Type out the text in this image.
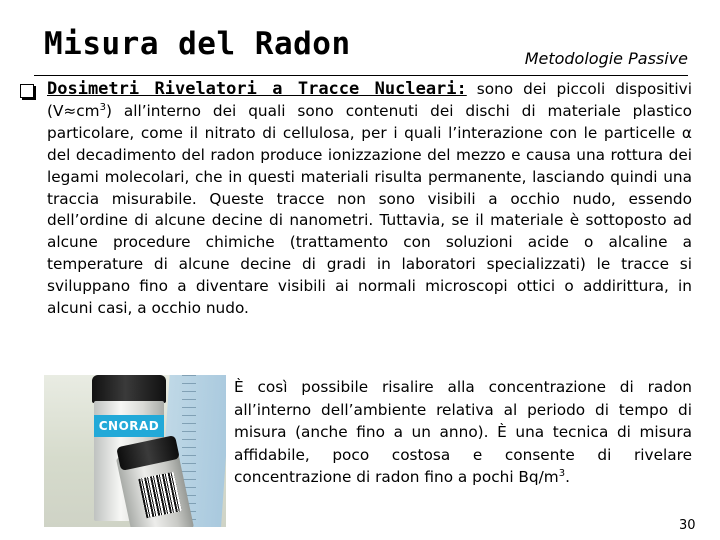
Misura del Radon	Metodologie Passive

Dosimetri Rivelatori a Tracce Nucleari: sono dei piccoli dispositivi $(V\approx cm^3)$ all’interno dei quali sono contenuti dei dischi di materiale plastico particolare, come il nitrato di cellulosa, per i quali l’interazione con le particelle α del decadimento del radon produce ionizzazione del mezzo e causa una rottura dei legami molecolari, che in questi materiali risulta permanente, lasciando quindi una traccia misurabile. Queste tracce non sono visibili a occhio nudo, essendo dell’ordine di alcune decine di nanometri. Tuttavia, se il materiale è sottoposto ad alcune procedure chimiche (trattamento con soluzioni acide o alcaline a temperature di alcune decine di gradi in laboratori specializzati) le tracce si sviluppano fino a diventare visibili ai normali microscopi ottici o addirittura, in alcuni casi, a occhio nudo.

CNORAD

È così possibile risalire alla concentrazione di radon all’interno dell’ambiente relativa al periodo di tempo di misura (anche fino a un anno). È una tecnica di misura affidabile, poco costosa e consente di rivelare concentrazione di radon fino a pochi $Bq/m^3$.

30
